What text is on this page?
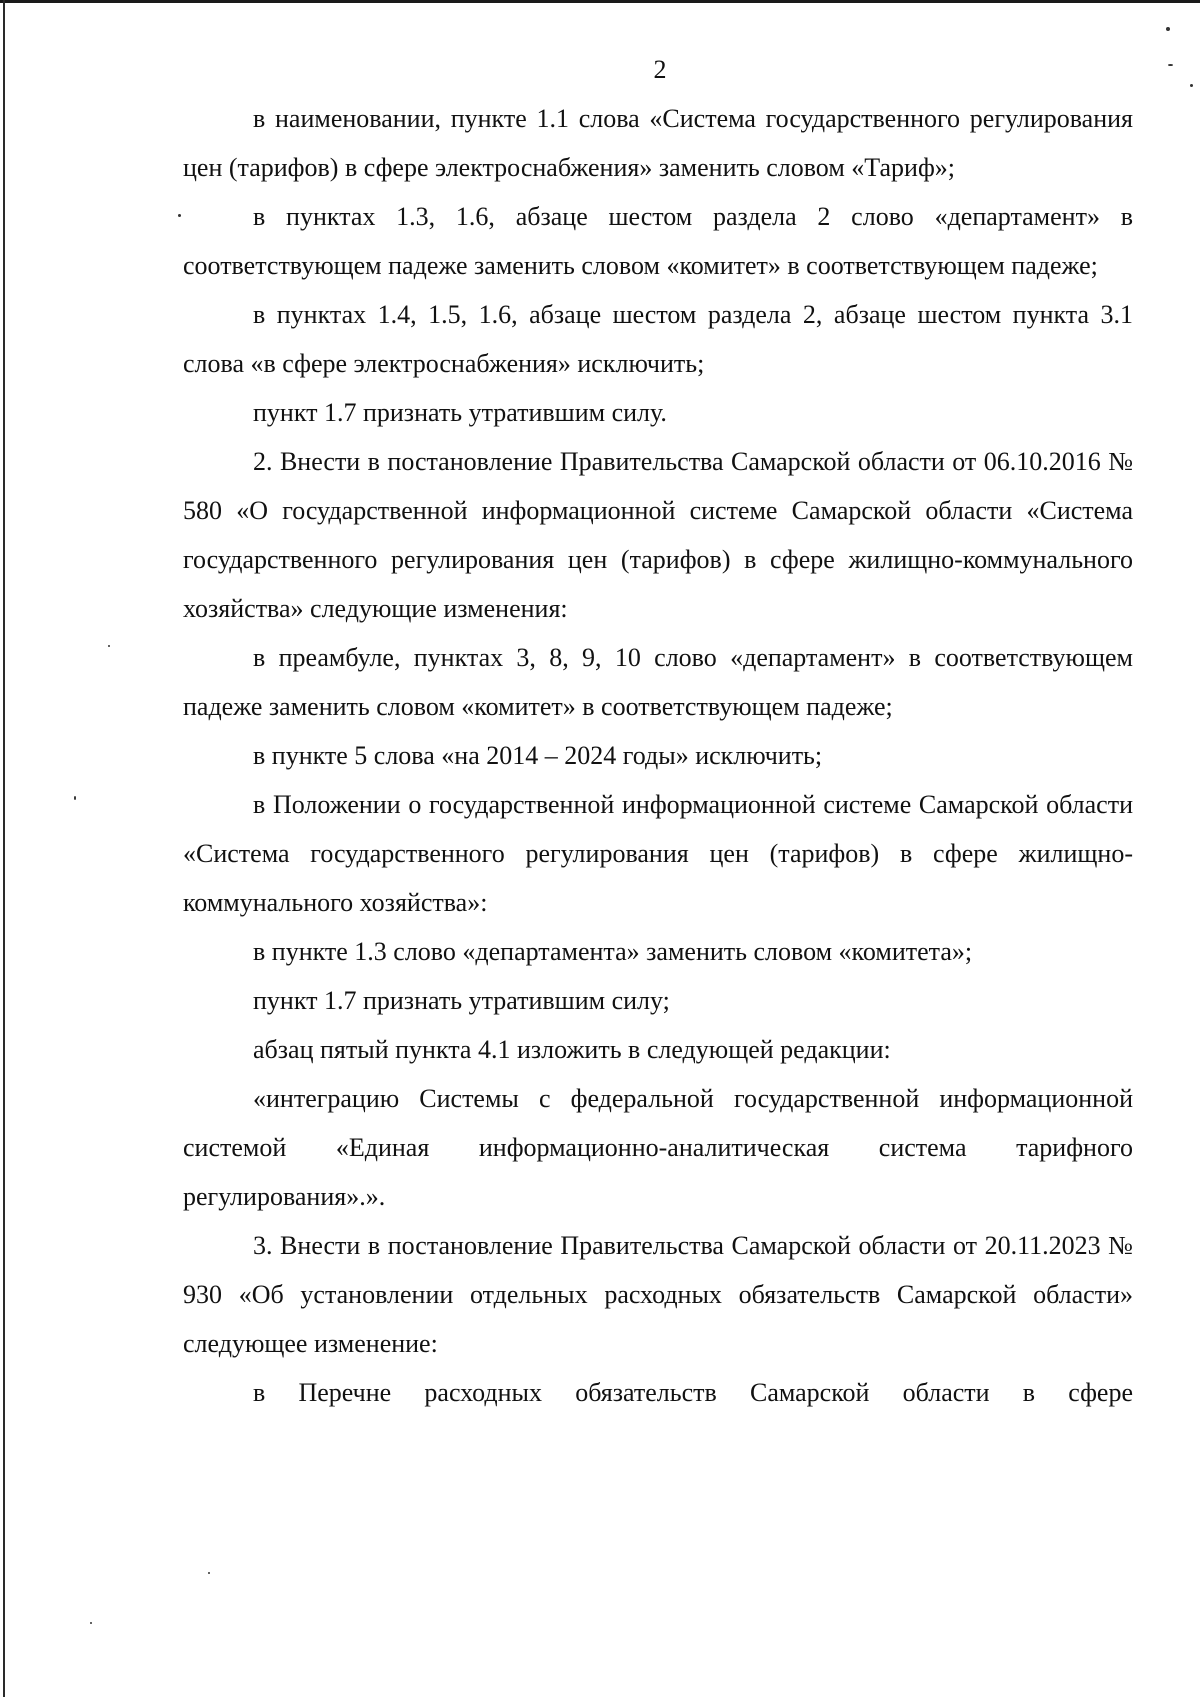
2

в наименовании, пункте 1.1 слова «Система государственного регулирования цен (тарифов) в сфере электроснабжения» заменить словом «Тариф»;

в пунктах 1.3, 1.6, абзаце шестом раздела 2 слово «департамент» в соответствующем падеже заменить словом «комитет» в соответствующем падеже;

в пунктах 1.4, 1.5, 1.6, абзаце шестом раздела 2, абзаце шестом пункта 3.1 слова «в сфере электроснабжения» исключить;

пункт 1.7 признать утратившим силу.

2. Внести в постановление Правительства Самарской области от 06.10.2016 № 580 «О государственной информационной системе Самарской области «Система государственного регулирования цен (тарифов) в сфере жилищно-коммунального хозяйства» следующие изменения:

в преамбуле, пунктах 3, 8, 9, 10 слово «департамент» в соответствующем падеже заменить словом «комитет» в соответствующем падеже;

в пункте 5 слова «на 2014 – 2024 годы» исключить;

в Положении о государственной информационной системе Самарской области «Система государственного регулирования цен (тарифов) в сфере жилищно-коммунального хозяйства»:

в пункте 1.3 слово «департамента» заменить словом «комитета»;

пункт 1.7 признать утратившим силу;

абзац пятый пункта 4.1 изложить в следующей редакции:

«интеграцию Системы с федеральной государственной информационной системой «Единая информационно-аналитическая система тарифного регулирования».».

3. Внести в постановление Правительства Самарской области от 20.11.2023 № 930 «Об установлении отдельных расходных обязательств Самарской области» следующее изменение:

в Перечне расходных обязательств Самарской области в сфере
